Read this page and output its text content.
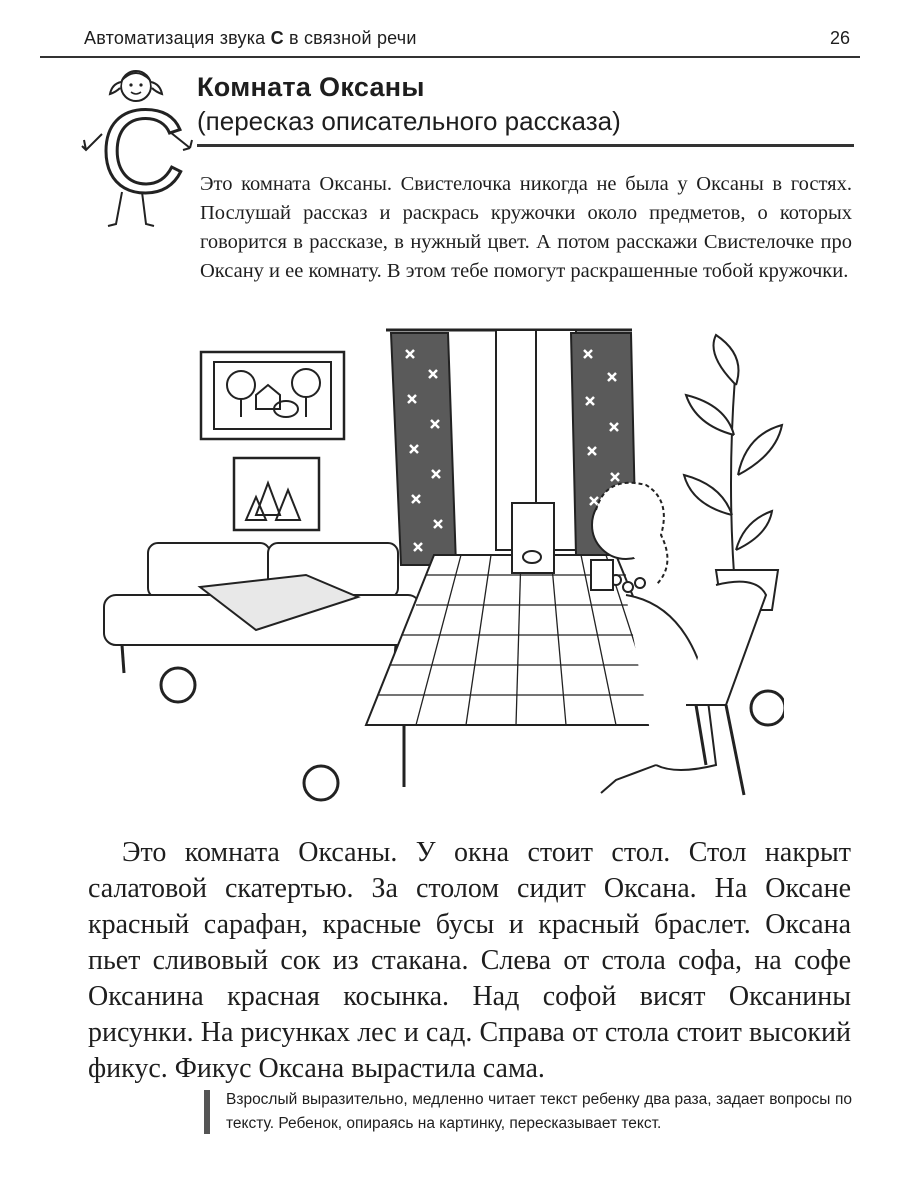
Автоматизация звука С в связной речи	26
С Комната Оксаны
(пересказ описательного рассказа)
Это комната Оксаны. Свистелочка никогда не была у Оксаны в гостях. Послушай рассказ и раскрась кружочки около предметов, о которых говорится в рассказе, в нужный цвет. А потом расскажи Свистелочке про Оксану и ее комнату. В этом тебе помогут раскрашенные тобой кружочки.
Это комната Оксаны. У окна стоит стол. Стол накрыт салатовой скатертью. За столом сидит Оксана. На Оксане красный сарафан, красные бусы и красный браслет. Оксана пьет сливовый сок из стакана. Слева от стола софа, на софе Оксанина красная косынка. Над софой висят Оксанины рисунки. На рисунках лес и сад. Справа от стола стоит высокий фикус. Фикус Оксана вырастила сама.
Взрослый выразительно, медленно читает текст ребенку два раза, задает вопросы по тексту. Ребенок, опираясь на картинку, пересказывает текст.
